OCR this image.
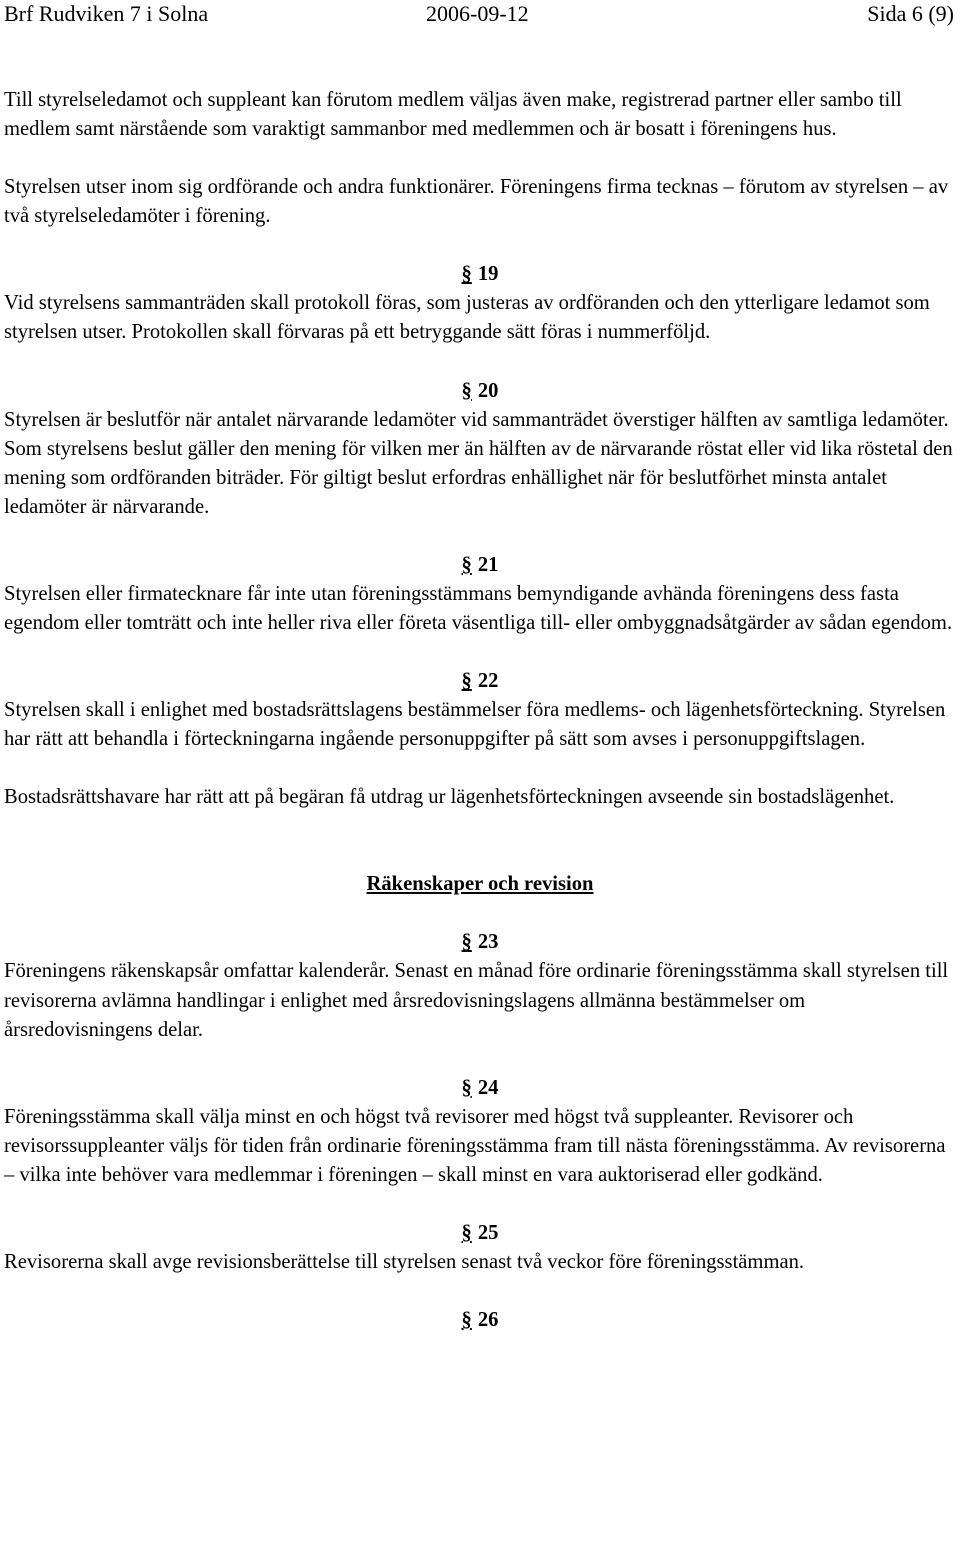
Brf Rudviken 7 i Solna	2006-09-12	Sida 6 (9)

Till styrelseledamot och suppleant kan förutom medlem väljas även make, registrerad partner eller sambo till medlem samt närstående som varaktigt sammanbor med medlemmen och är bosatt i föreningens hus.

Styrelsen utser inom sig ordförande och andra funktionärer. Föreningens firma tecknas – förutom av styrelsen – av två styrelseledamöter i förening.

§ 19

Vid styrelsens sammanträden skall protokoll föras, som justeras av ordföranden och den ytterligare ledamot som styrelsen utser. Protokollen skall förvaras på ett betryggande sätt föras i nummerföljd.

§ 20

Styrelsen är beslutför när antalet närvarande ledamöter vid sammanträdet överstiger hälften av samtliga ledamöter. Som styrelsens beslut gäller den mening för vilken mer än hälften av de närvarande röstat eller vid lika röstetal den mening som ordföranden biträder. För giltigt beslut erfordras enhällighet när för beslutförhet minsta antalet ledamöter är närvarande.

§ 21

Styrelsen eller firmatecknare får inte utan föreningsstämmans bemyndigande avhända föreningens dess fasta egendom eller tomträtt och inte heller riva eller företa väsentliga till- eller ombyggnadsåtgärder av sådan egendom.

§ 22

Styrelsen skall i enlighet med bostadsrättslagens bestämmelser föra medlems- och lägenhetsförteckning. Styrelsen har rätt att behandla i förteckningarna ingående personuppgifter på sätt som avses i personuppgiftslagen.

Bostadsrättshavare har rätt att på begäran få utdrag ur lägenhetsförteckningen avseende sin bostadslägenhet.

Räkenskaper och revision
§ 23

Föreningens räkenskapsår omfattar kalenderår. Senast en månad före ordinarie föreningsstämma skall styrelsen till revisorerna avlämna handlingar i enlighet med årsredovisningslagens allmänna bestämmelser om årsredovisningens delar.

§ 24

Föreningsstämma skall välja minst en och högst två revisorer med högst två suppleanter. Revisorer och revisorssuppleanter väljs för tiden från ordinarie föreningsstämma fram till nästa föreningsstämma. Av revisorerna – vilka inte behöver vara medlemmar i föreningen – skall minst en vara auktoriserad eller godkänd.

§ 25

Revisorerna skall avge revisionsberättelse till styrelsen senast två veckor före föreningsstämman.

§ 26
